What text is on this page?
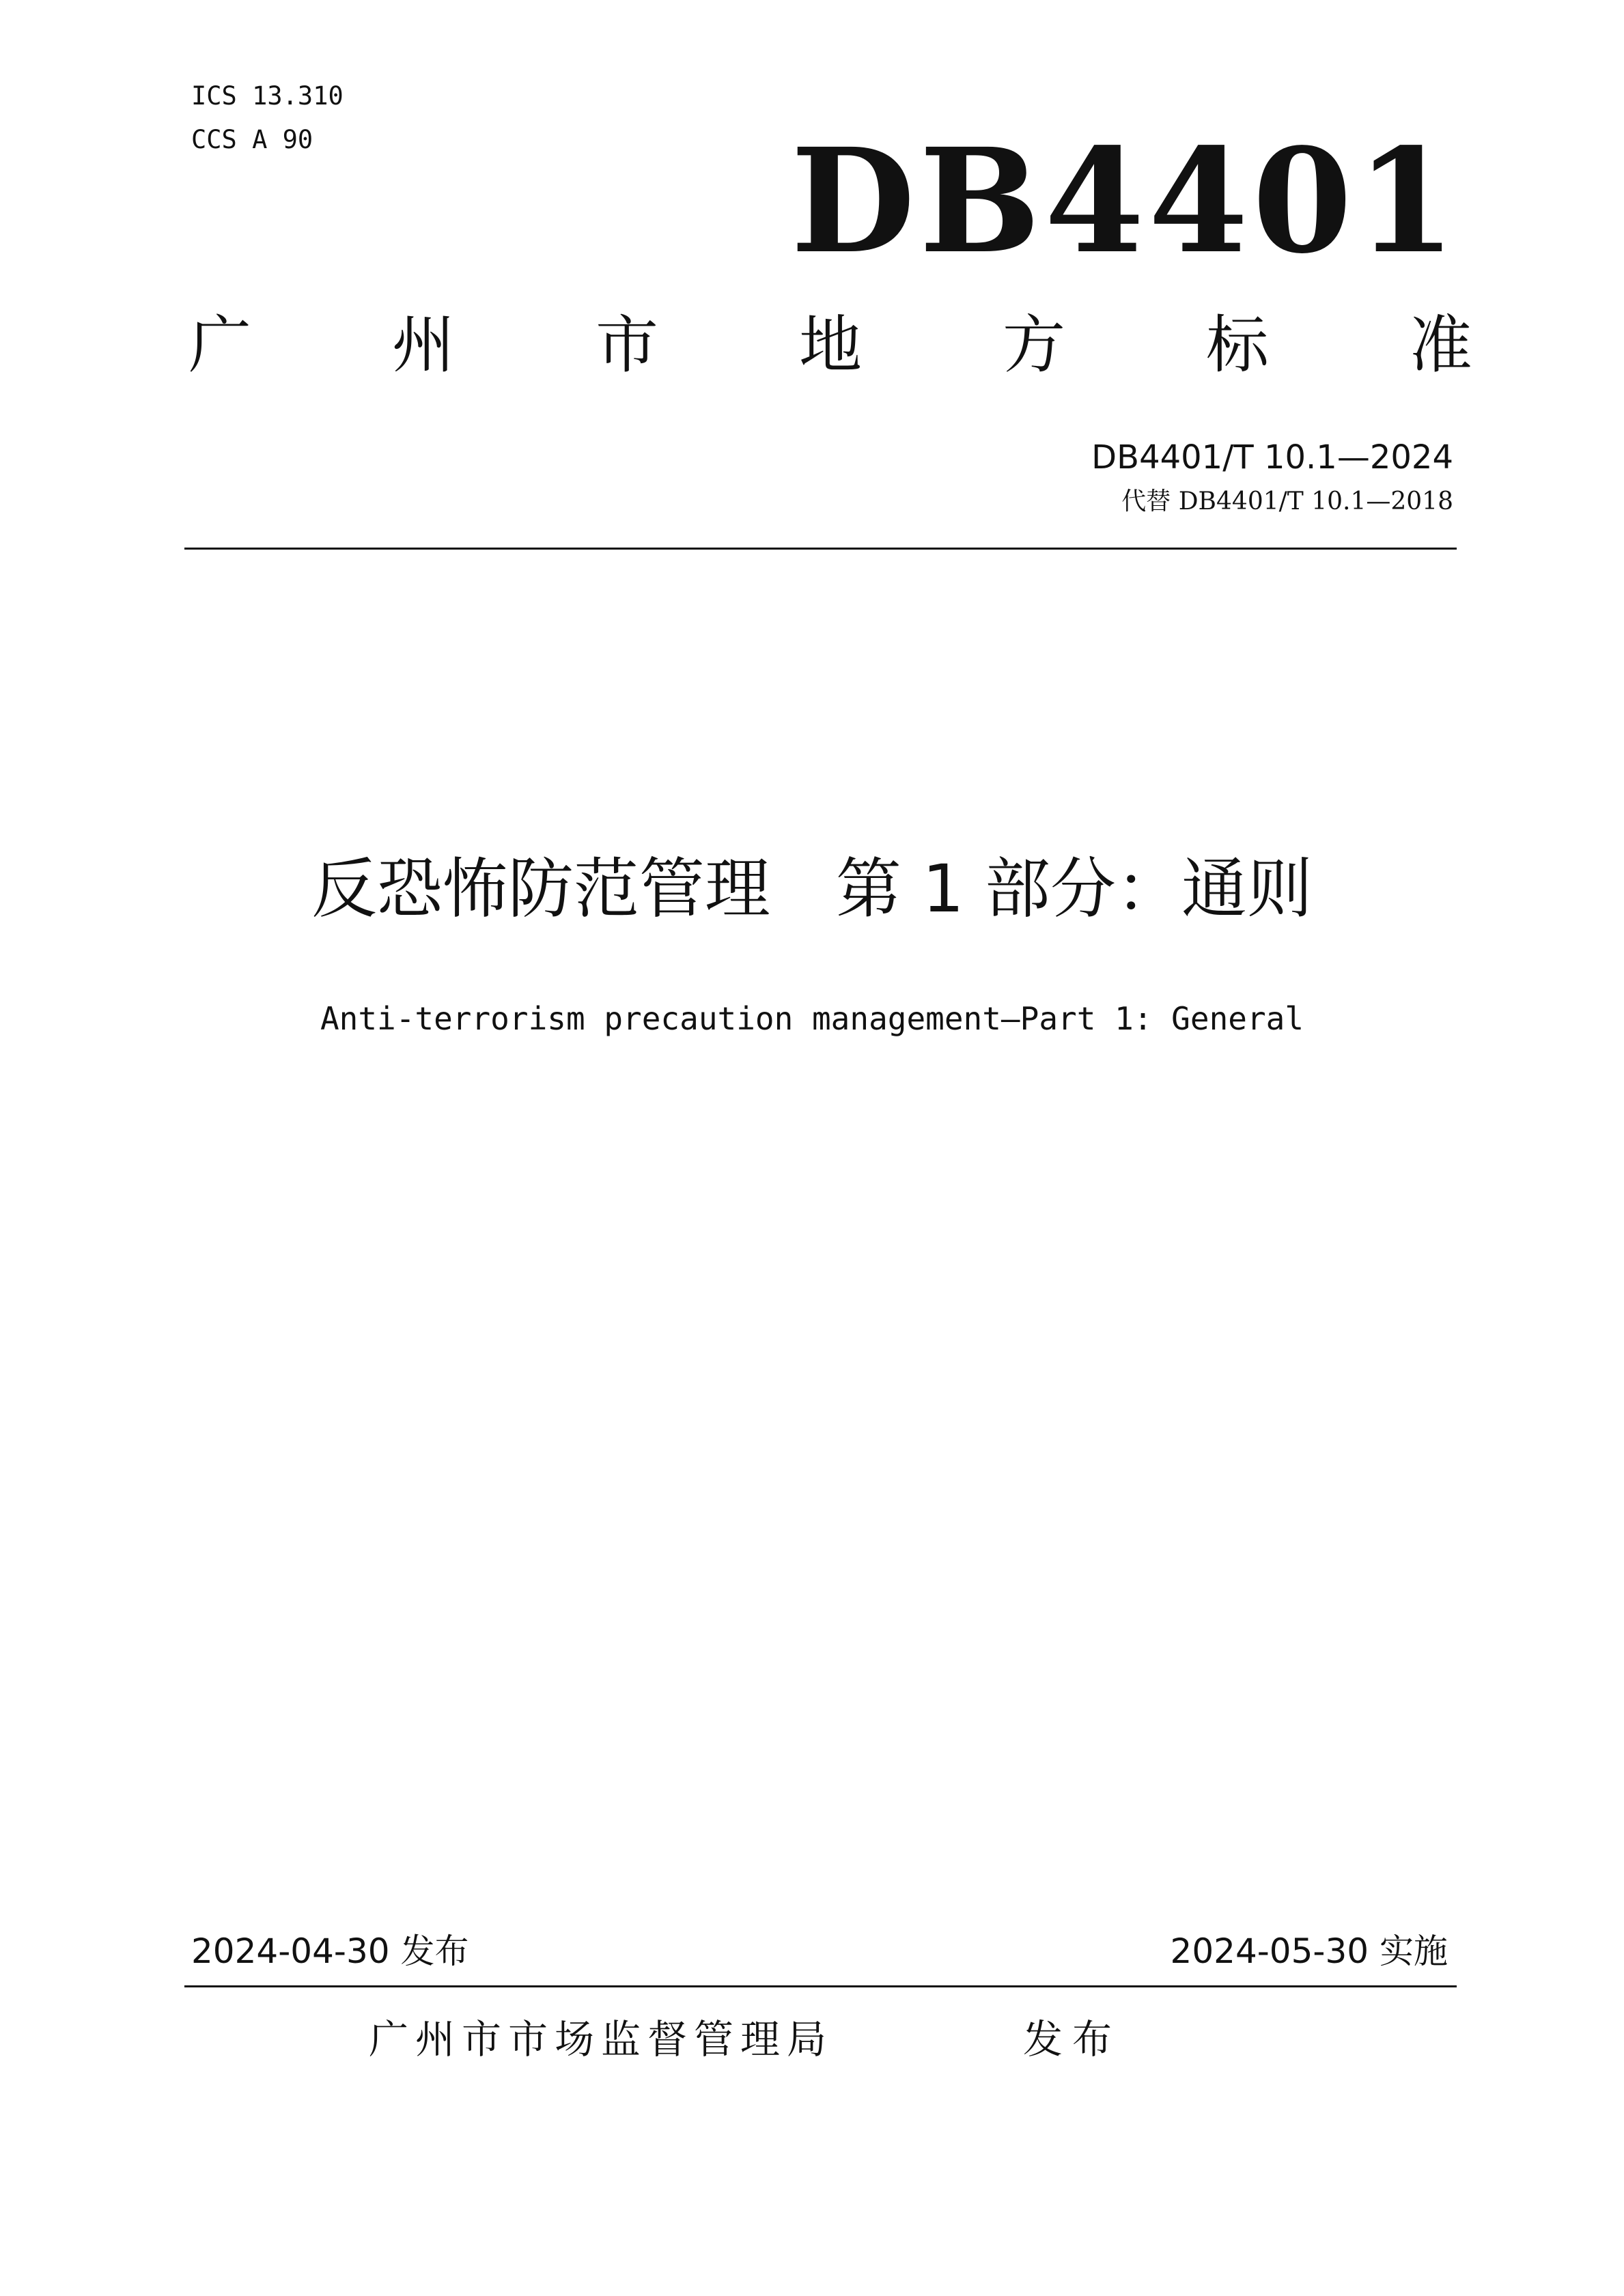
ICS 13.310
CCS A 90	DB4401
广 州 市 地 方 标 准
DB4401/T 10.1—2024
代替 DB4401/T 10.1—2018
反恐怖防范管理　第 1 部分：通则
Anti-terrorism precaution management—Part 1: General
2024-04-30 发布	2024-05-30 实施
广州市市场监督管理局	发布
